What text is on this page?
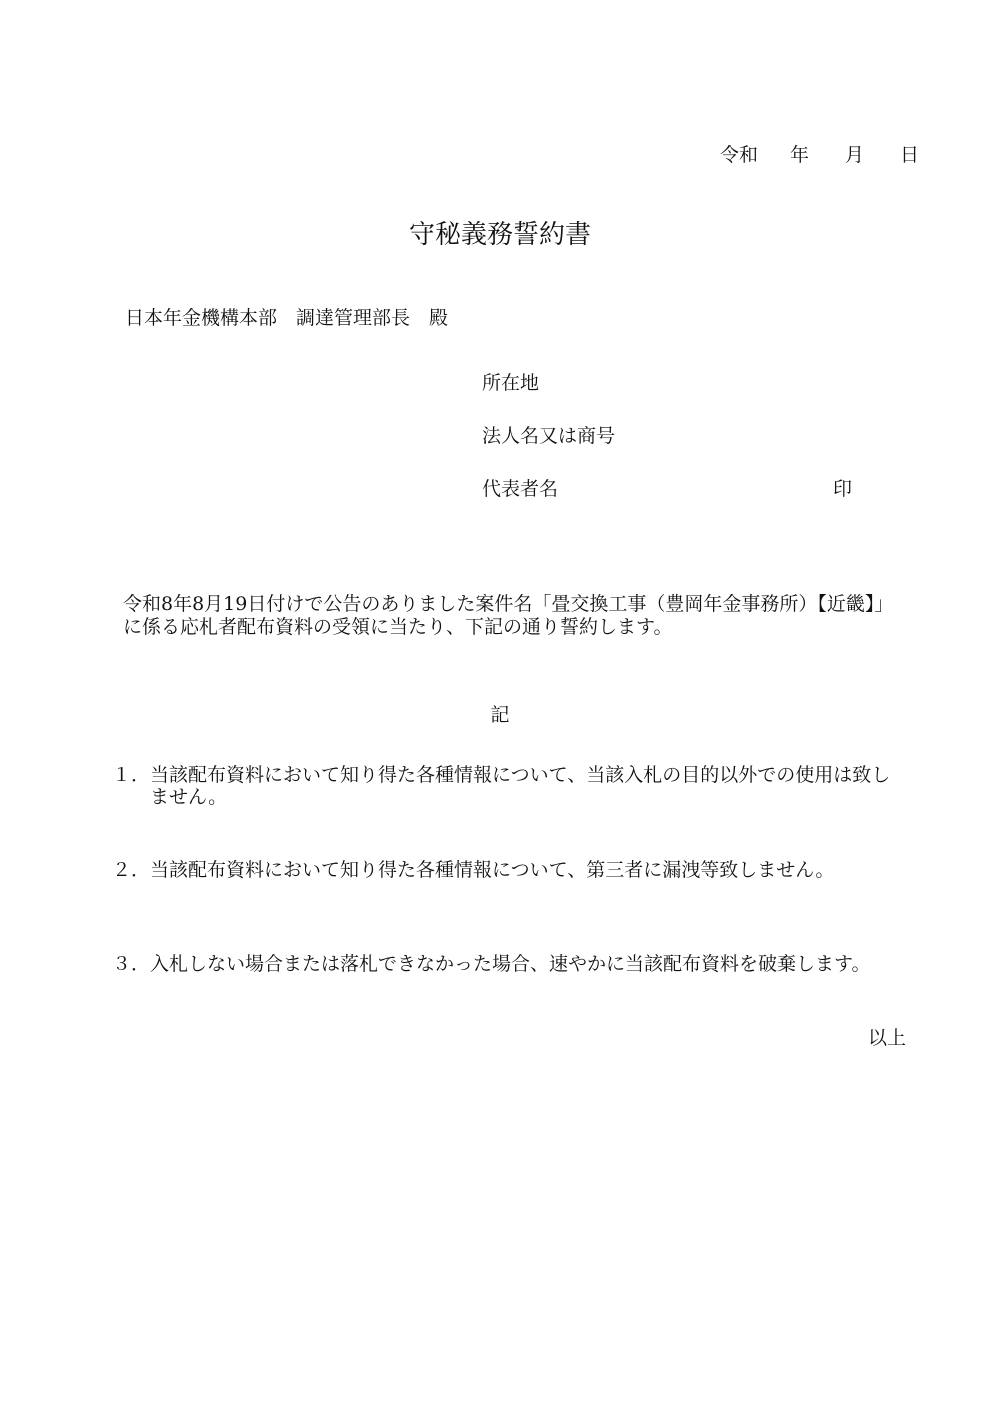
令和 年 月 日
守秘義務誓約書
日本年金機構本部　調達管理部長　殿
所在地
法人名又は商号
代表者名	印
令和8年8月19日付けで公告のありました案件名「畳交換工事（豊岡年金事務所）【近畿】」に係る応札者配布資料の受領に当たり、下記の通り誓約します。
記
１． 当該配布資料において知り得た各種情報について、当該入札の目的以外での使用は致しません。
２． 当該配布資料において知り得た各種情報について、第三者に漏洩等致しません。
３． 入札しない場合または落札できなかった場合、速やかに当該配布資料を破棄します。
以上
